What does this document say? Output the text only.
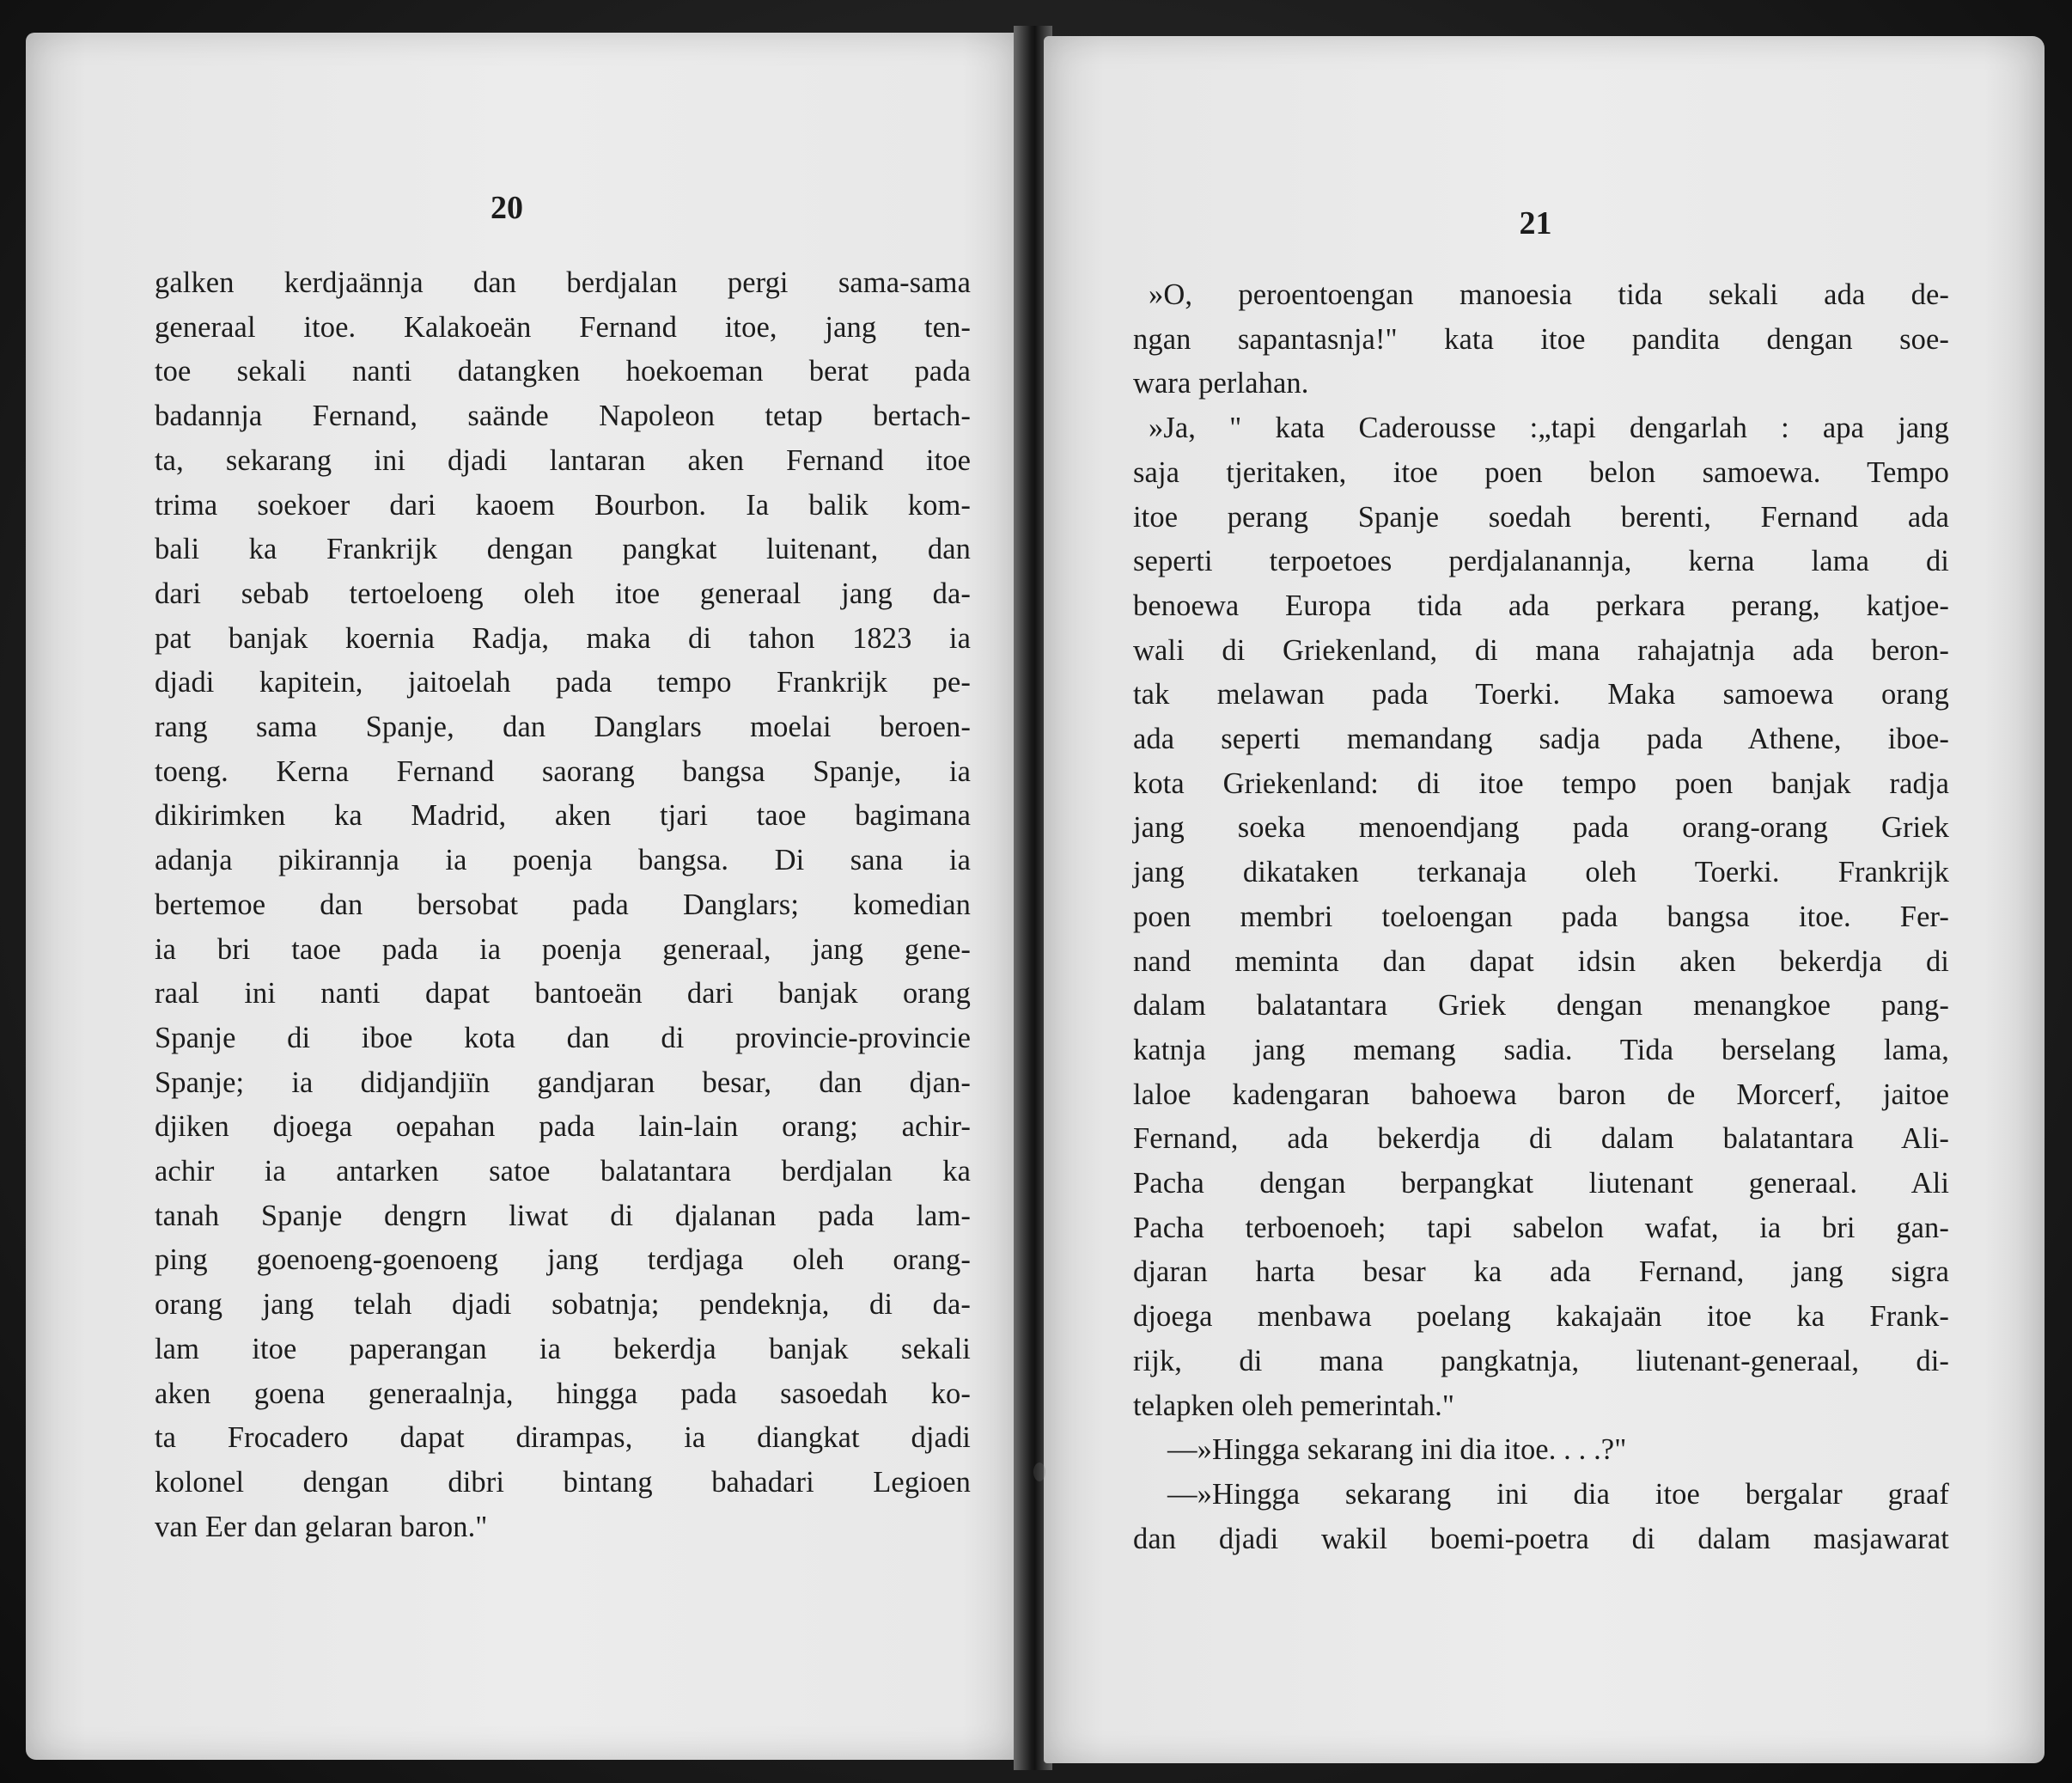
20
galken kerdjaännja dan berdjalan pergi sama-sama
generaal itoe. Kalakoeän Fernand itoe, jang ten-
toe sekali nanti datangken hoekoeman berat pada
badannja Fernand, saände Napoleon tetap bertach-
ta, sekarang ini djadi lantaran aken Fernand itoe
trima soekoer dari kaoem Bourbon. Ia balik kom-
bali ka Frankrijk dengan pangkat luitenant, dan
dari sebab tertoeloeng oleh itoe generaal jang da-
pat banjak koernia Radja, maka di tahon 1823 ia
djadi kapitein, jaitoelah pada tempo Frankrijk pe-
rang sama Spanje, dan Danglars moelai beroen-
toeng. Kerna Fernand saorang bangsa Spanje, ia
dikirimken ka Madrid, aken tjari taoe bagimana
adanja pikirannja ia poenja bangsa. Di sana ia
bertemoe dan bersobat pada Danglars; komedian
ia bri taoe pada ia poenja generaal, jang gene-
raal ini nanti dapat bantoeän dari banjak orang
Spanje di iboe kota dan di provincie-provincie
Spanje; ia didjandjiïn gandjaran besar, dan djan-
djiken djoega oepahan pada lain-lain orang; achir-
achir ia antarken satoe balatantara berdjalan ka
tanah Spanje dengrn liwat di djalanan pada lam-
ping goenoeng-goenoeng jang terdjaga oleh orang-
orang jang telah djadi sobatnja; pendeknja, di da-
lam itoe paperangan ia bekerdja banjak sekali
aken goena generaalnja, hingga pada sasoedah ko-
ta Frocadero dapat dirampas, ia diangkat djadi
kolonel dengan dibri bintang bahadari Legioen
van Eer dan gelaran baron."
21
»O, peroentoengan manoesia tida sekali ada de-
ngan sapantasnja!" kata itoe pandita dengan soe-
wara perlahan.
»Ja, " kata Caderousse :„tapi dengarlah : apa jang
saja tjeritaken, itoe poen belon samoewa. Tempo
itoe perang Spanje soedah berenti, Fernand ada
seperti terpoetoes perdjalanannja, kerna lama di
benoewa Europa tida ada perkara perang, katjoe-
wali di Griekenland, di mana rahajatnja ada beron-
tak melawan pada Toerki. Maka samoewa orang
ada seperti memandang sadja pada Athene, iboe-
kota Griekenland: di itoe tempo poen banjak radja
jang soeka menoendjang pada orang-orang Griek
jang dikataken terkanaja oleh Toerki. Frankrijk
poen membri toeloengan pada bangsa itoe. Fer-
nand meminta dan dapat idsin aken bekerdja di
dalam balatantara Griek dengan menangkoe pang-
katnja jang memang sadia. Tida berselang lama,
laloe kadengaran bahoewa baron de Morcerf, jaitoe
Fernand, ada bekerdja di dalam balatantara Ali-
Pacha dengan berpangkat liutenant generaal. Ali
Pacha terboenoeh; tapi sabelon wafat, ia bri gan-
djaran harta besar ka ada Fernand, jang sigra
djoega menbawa poelang kakajaän itoe ka Frank-
rijk, di mana pangkatnja, liutenant-generaal, di-
telapken oleh pemerintah."
—»Hingga sekarang ini dia itoe. . . .?"
—»Hingga sekarang ini dia itoe bergalar graaf
dan djadi wakil boemi-poetra di dalam masjawarat
